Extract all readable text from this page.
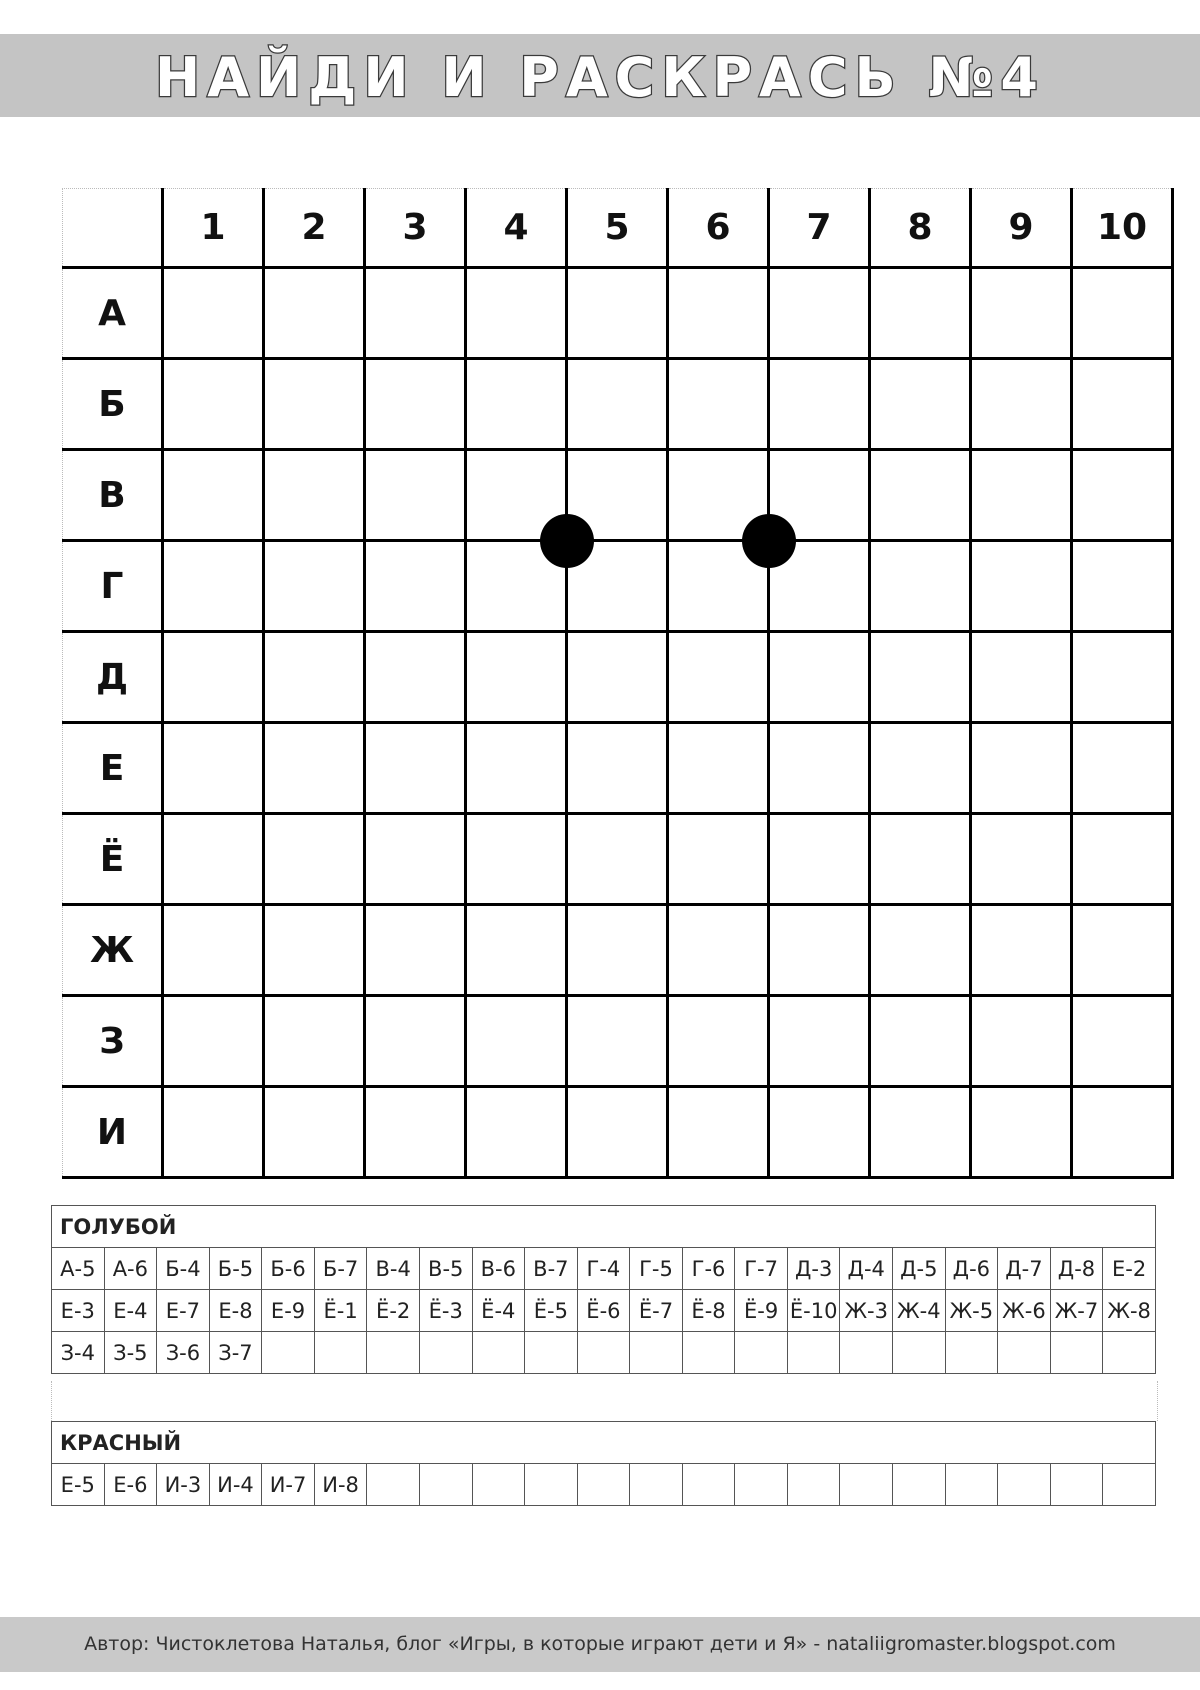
НАЙДИ И РАСКРАСЬ №4
	1	2	3	4	5	6	7	8	9	10
А										
Б										
В										
Г										
Д										
Е										
Ё										
Ж										
З										
И										
ГОЛУБОЙ																				
А-5	А-6	Б-4	Б-5	Б-6	Б-7	В-4	В-5	В-6	В-7	Г-4	Г-5	Г-6	Г-7	Д-3	Д-4	Д-5	Д-6	Д-7	Д-8	Е-2
Е-3	Е-4	Е-7	Е-8	Е-9	Ё-1	Ё-2	Ё-3	Ё-4	Ё-5	Ё-6	Ё-7	Ё-8	Ё-9	Ё-10	Ж-3	Ж-4	Ж-5	Ж-6	Ж-7	Ж-8
З-4	З-5	З-6	З-7																	
КРАСНЫЙ
Е-5	Е-6	И-3	И-4	И-7	И-8															
Автор: Чистоклетова Наталья, блог «Игры, в которые играют дети и Я» - nataliigromaster.blogspot.com
